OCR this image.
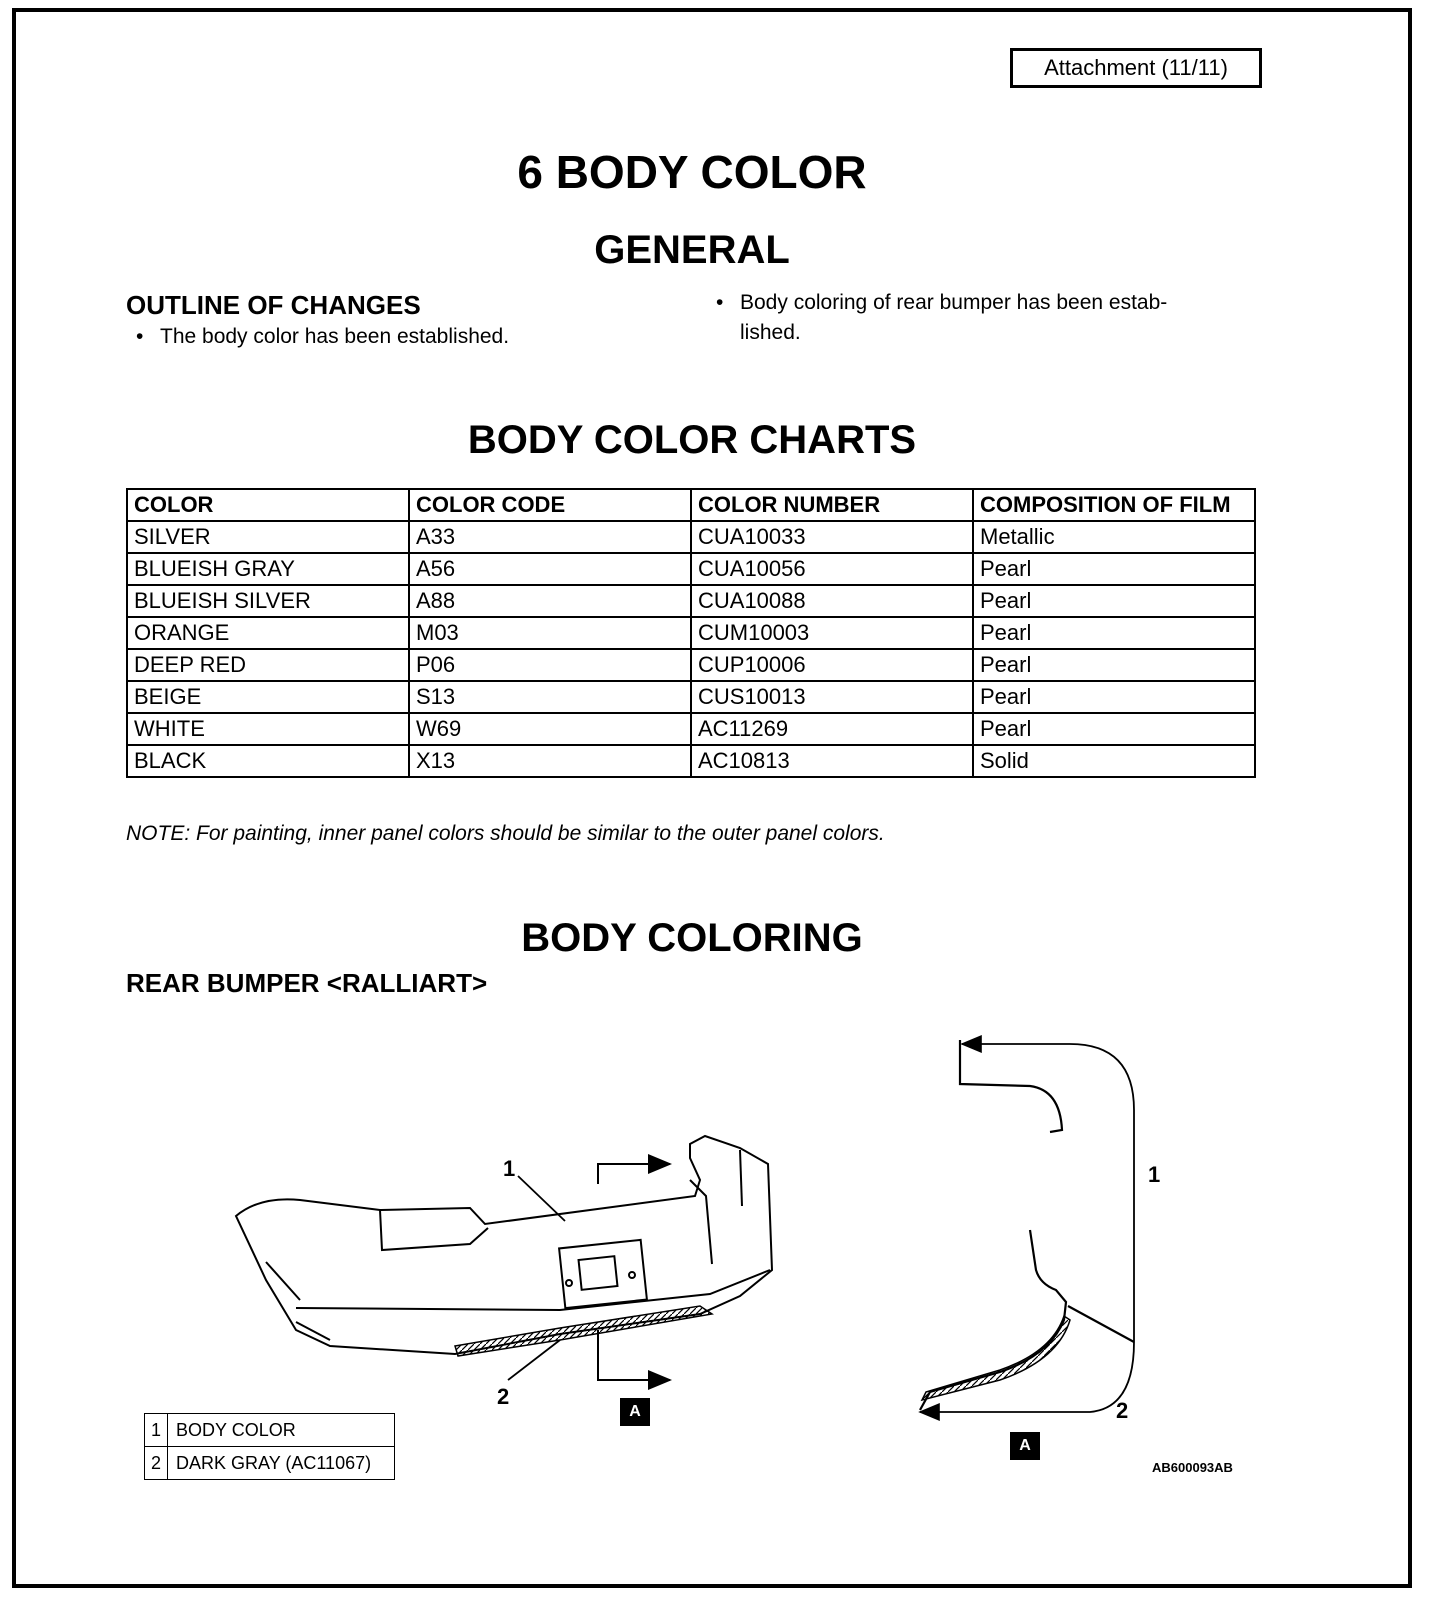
Attachment (11/11)
6 BODY COLOR
GENERAL
OUTLINE OF CHANGES
• The body color has been established.
• Body coloring of rear bumper has been estab-
lished.
BODY COLOR CHARTS
COLOR	COLOR CODE	COLOR NUMBER	COMPOSITION OF FILM
SILVER	A33	CUA10033	Metallic
BLUEISH GRAY	A56	CUA10056	Pearl
BLUEISH SILVER	A88	CUA10088	Pearl
ORANGE	M03	CUM10003	Pearl
DEEP RED	P06	CUP10006	Pearl
BEIGE	S13	CUS10013	Pearl
WHITE	W69	AC11269	Pearl
BLACK	X13	AC10813	Solid
NOTE: For painting, inner panel colors should be similar to the outer panel colors.
BODY COLORING
REAR BUMPER <RALLIART>
1
2
1
2
A
A
1	BODY COLOR
2	DARK GRAY (AC11067)	AB600093AB
